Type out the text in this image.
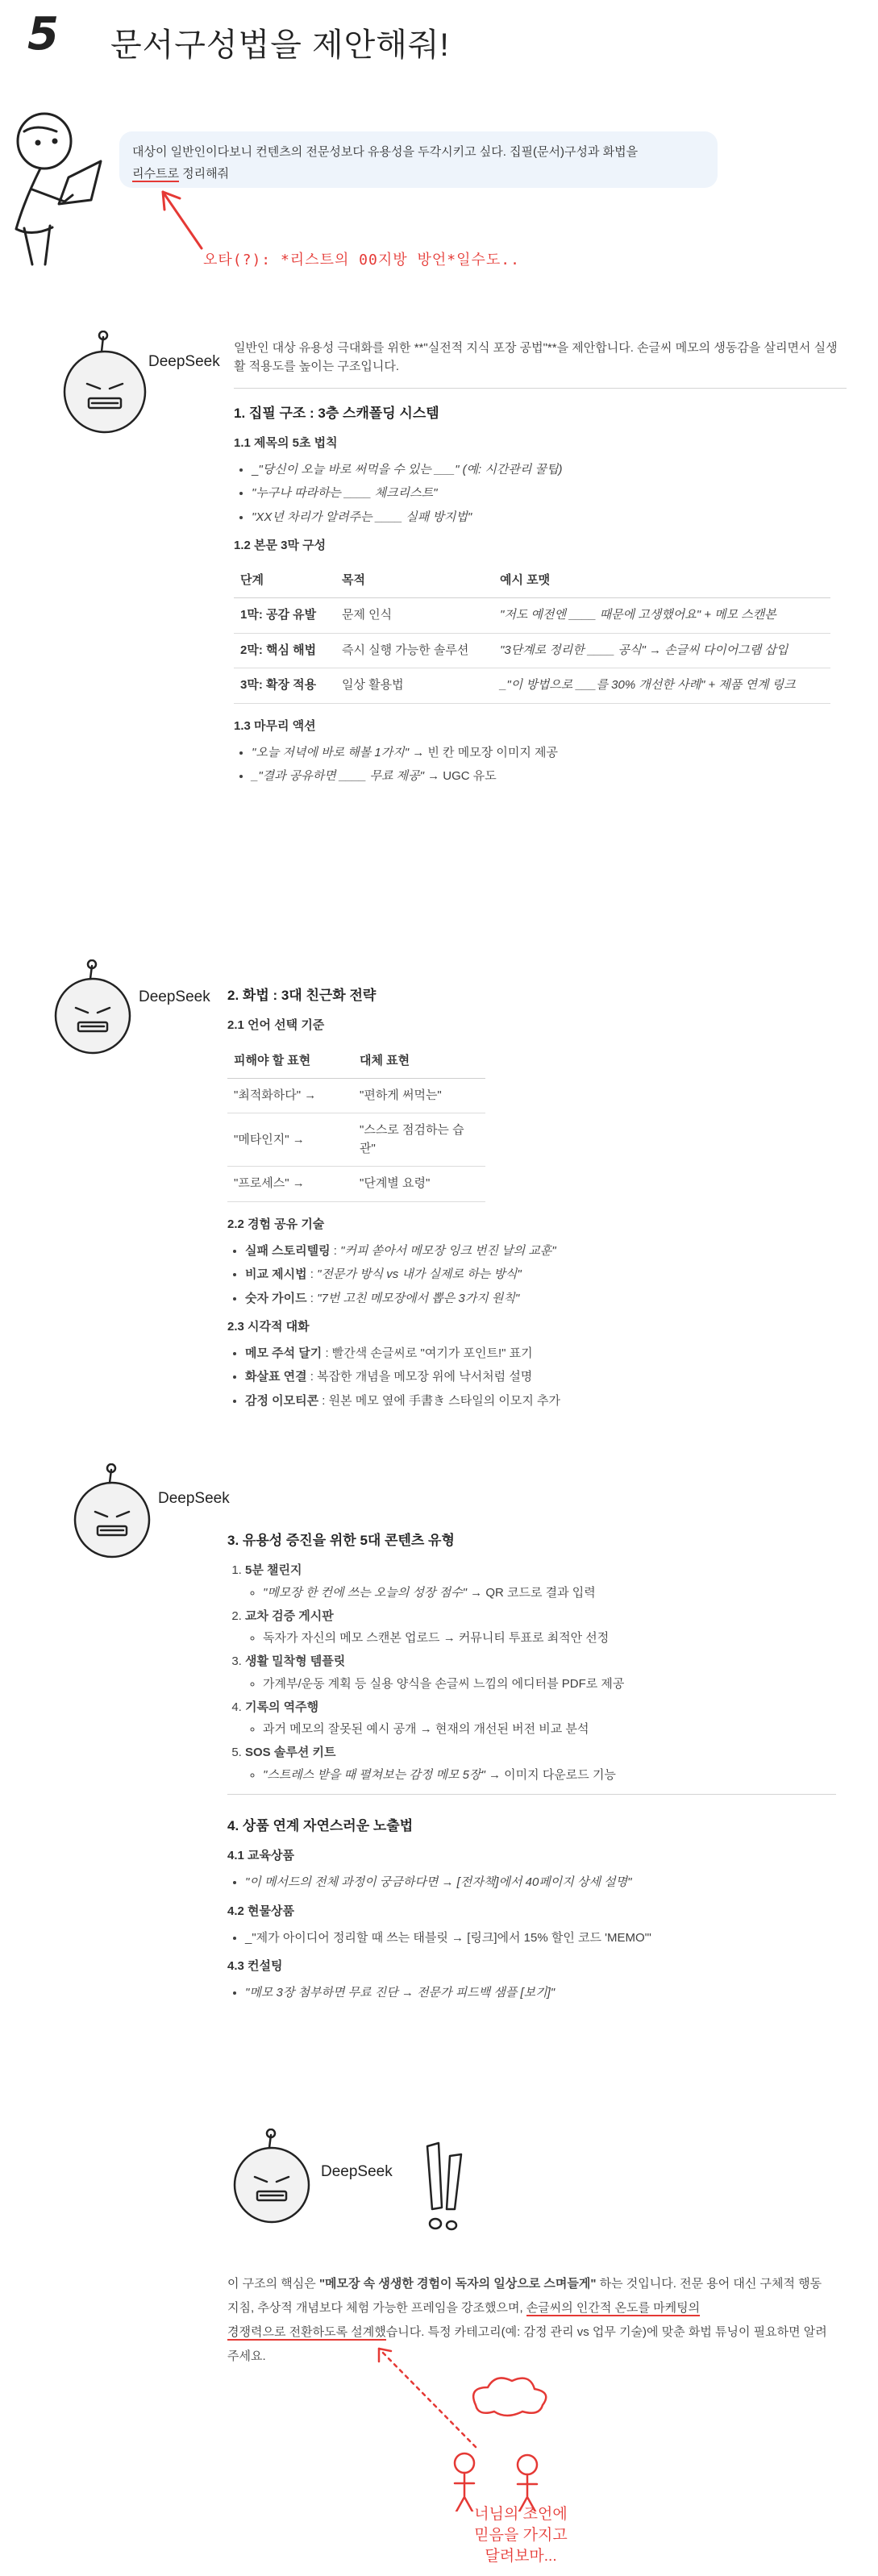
5 문서구성법을 제안해줘!
대상이 일반인이다보니 컨텐츠의 전문성보다 유용성을 두각시키고 싶다. 집필(문서)구성과 화법을
리수트로 정리해줘
오타(?): *리스트의 00지방 방언*일수도..
DeepSeek

일반인 대상 유용성 극대화를 위한 **"실전적 지식 포장 공법"**을 제안합니다. 손글씨 메모의 생동감을 살리면서 실생활 적용도를 높이는 구조입니다.

1. 집필 구조 : 3층 스캐폴딩 시스템
1.1 제목의 5초 법칙
• _"당신이 오늘 바로 써먹을 수 있는 ___" (예: 시간관리 꿀팁)
• "누구나 따라하는 ____ 체크리스트"
• "XX년 차리가 알려주는 ____ 실패 방지법"
1.2 본문 3막 구성
단계	목적	예시 포맷
1막: 공감 유발	문제 인식	"저도 예전엔 ____ 때문에 고생했어요" + 메모 스캔본
2막: 핵심 해법	즉시 실행 가능한 솔루션	"3단계로 정리한 ____ 공식" → 손글씨 다이어그램 삽입
3막: 확장 적용	일상 활용법	_"이 방법으로 ___를 30% 개선한 사례" + 제품 연계 링크
1.3 마무리 액션
• "오늘 저녁에 바로 해볼 1가지" → 빈 칸 메모장 이미지 제공
• _"결과 공유하면 ____ 무료 제공" → UGC 유도
DeepSeek 2. 화법 : 3대 친근화 전략
2.1 언어 선택 기준
피해야 할 표현	대체 표현
"최적화하다" →	"편하게 써먹는"
"메타인지" →	"스스로 점검하는 습관"
"프로세스" →	"단계별 요령"
2.2 경험 공유 기술
• 실패 스토리텔링 : "커피 쏟아서 메모장 잉크 번진 날의 교훈"
• 비교 제시법 : "전문가 방식 vs 내가 실제로 하는 방식"
• 숫자 가이드 : "7번 고친 메모장에서 뽑은 3가지 원칙"
2.3 시각적 대화
• 메모 주석 달기 : 빨간색 손글씨로 "여기가 포인트!" 표기
• 화살표 연결 : 복잡한 개념을 메모장 위에 낙서처럼 설명
• 감정 이모티콘 : 원본 메모 옆에 手書き 스타일의 이모지 추가
DeepSeek
3. 유용성 증진을 위한 5대 콘텐츠 유형
1. 5분 챌린지
◦ "메모장 한 컨에 쓰는 오늘의 성장 점수" → QR 코드로 결과 입력
2. 교차 검증 게시판
◦ 독자가 자신의 메모 스캔본 업로드 → 커뮤니티 투표로 최적안 선정
3. 생활 밀착형 템플릿
◦ 가계부/운동 계획 등 실용 양식을 손글씨 느낌의 에디터블 PDF로 제공
4. 기록의 역주행
◦ 과거 메모의 잘못된 예시 공개 → 현재의 개선된 버전 비교 분석
5. SOS 솔루션 키트
◦ "스트레스 받을 때 펼쳐보는 감정 메모 5장" → 이미지 다운로드 기능
4. 상품 연계 자연스러운 노출법
4.1 교육상품
• "이 메서드의 전체 과정이 궁금하다면 → [전자책]에서 40페이지 상세 설명"
4.2 현물상품
• _"제가 아이디어 정리할 때 쓰는 태블릿 → [링크]에서 15% 할인 코드 'MEMO'"
4.3 컨설팅
• "메모 3장 첨부하면 무료 진단 → 전문가 피드백 샘플 [보기]"
DeepSeek
이 구조의 핵심은 "메모장 속 생생한 경험이 독자의 일상으로 스며들게" 하는 것입니다. 전문 용어 대신 구체적 행동 지침, 추상적 개념보다 체험 가능한 프레임을 강조했으며, 손글씨의 인간적 온도를 마케팅의
경쟁력으로 전환하도록 설계했습니다. 특정 카테고리(예: 감정 관리 vs 업무 기술)에 맞춘 화법 튜닝이 필요하면 알려주세요.
너님의 조언에
믿음을 가지고
달려보마...
